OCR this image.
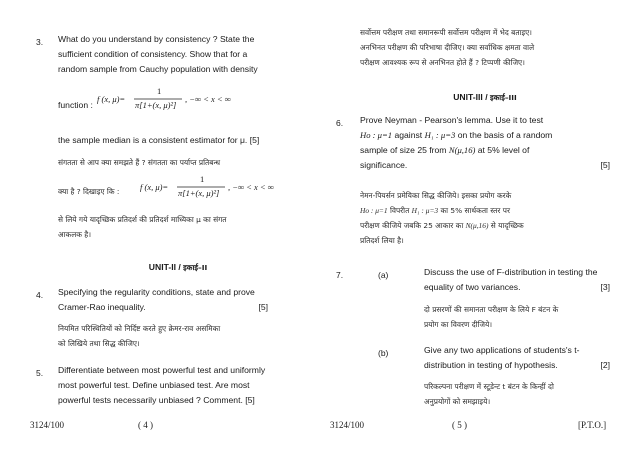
3. What do you understand by consistency ? State the
sufficient condition of consistency. Show that for a
random sample from Cauchy population with density
function :
f (x, μ)=
1
π[1+(x, μ)²]
, −∞ < x < ∞
the sample median is a consistent estimator for μ. [5]
संगतता से आप क्या समझते हैं ? संगतता का पर्याप्त प्रतिबन्ध
क्या है ? दिखाइए कि : f (x, μ)=
1
π[1+(x, μ)²]
, −∞ < x < ∞
से लिये गये यादृच्छिक प्रतिदर्श की प्रतिदर्श माध्यिका μ का संगत
आकलक है।
UNIT-II / इकाई–II
4. Specifying the regularity conditions, state and prove
Cramer-Rao inequality.	[5]
नियमित परिस्थितियों को निर्दिष्ट करते हुए क्रेमर-राव असमिका
को लिखिये तथा सिद्ध कीजिए।
5. Differentiate between most powerful test and uniformly
most powerful test. Define unbiased test. Are most
powerful tests necessarily unbiased ? Comment. [5]
3124/100	( 4 )
सर्वोत्तम परीक्षण तथा समानरूपी सर्वोत्तम परीक्षण में भेद बताइए।
अनभिनत परीक्षण की परिभाषा दीजिए। क्या सर्वाधिक क्षमता वाले
परीक्षण आवश्यक रूप से अनभिनत होते हैं ? टिप्पणी कीजिए।
UNIT-III / इकाई–III
6. Prove Neyman - Pearson's lemma. Use it to test
Ho : μ=1 against H₁ : μ=3 on the basis of a random
sample of size 25 from N(μ,16) at 5% level of
significance.	[5]
नेमन-पियर्सन प्रमेयिका सिद्ध कीजिये। इसका प्रयोग करके
Ho : μ=1 विपरीत H₁ : μ=3 का 5% सार्थकता स्तर पर
परीक्षण कीजिये जबकि 25 आकार का N(μ,16) से यादृच्छिक
प्रतिदर्श लिया है।
7.	(a)	Discuss the use of F-distribution in testing the
equality of two variances.	[3]
दो प्रसरणों की समानता परीक्षण के लिये F बंटन के
प्रयोग का विवरण दीजिये।
(b)	Give any two applications of students's t-
distribution in testing of hypothesis.	[2]
परिकल्पना परीक्षण में स्टूडेन्ट t बंटन के किन्हीं दो
अनुप्रयोगों को समझाइये।
3124/100	( 5 )	[P.T.O.]
